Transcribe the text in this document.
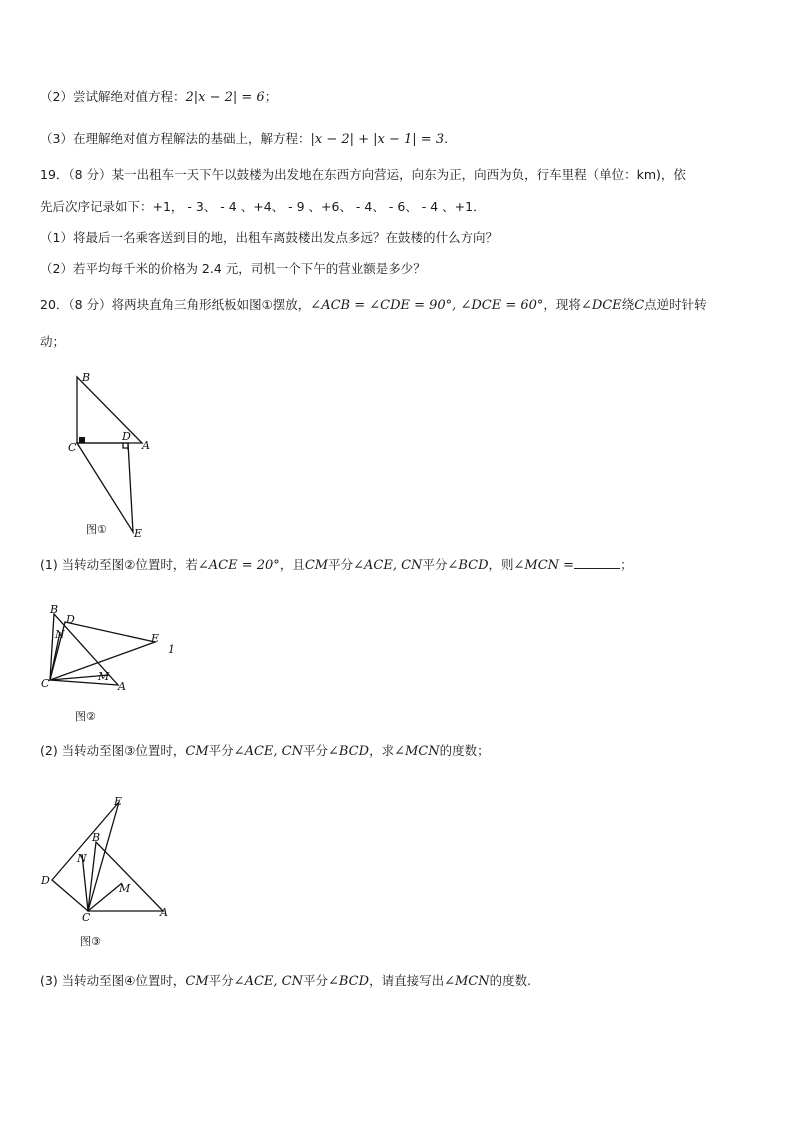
（2）尝试解绝对值方程：2|x − 2| = 6；
（3）在理解绝对值方程解法的基础上，解方程：|x − 2| + |x − 1| = 3.
19．（8 分）某一出租车一天下午以鼓楼为出发地在东西方向营运，向东为正，向西为负，行车里程（单位：km)，依
先后次序记录如下：+1， - 3、 - 4 、+4、 - 9 、+6、 - 4、 - 6、 - 4 、+1．
（1）将最后一名乘客送到目的地，出租车离鼓楼出发点多远？在鼓楼的什么方向？
（2）若平均每千米的价格为 2.4 元，司机一个下午的营业额是多少？
20．（8 分）将两块直角三角形纸板如图①摆放，∠ACB = ∠CDE = 90°, ∠DCE = 60°，现将∠DCE绕C点逆时针转
动；
B
C
D
A
E
图①
(1) 当转动至图②位置时，若∠ACE = 20°，且CM平分∠ACE, CN平分∠BCD，则∠MCN =	；
B
D
N	E
1
M
C	A
图②
(2) 当转动至图③位置时，CM平分∠ACE, CN平分∠BCD，求∠MCN的度数；
E
B
N
M
D
C	A
图③
(3) 当转动至图④位置时，CM平分∠ACE, CN平分∠BCD，请直接写出∠MCN的度数.
